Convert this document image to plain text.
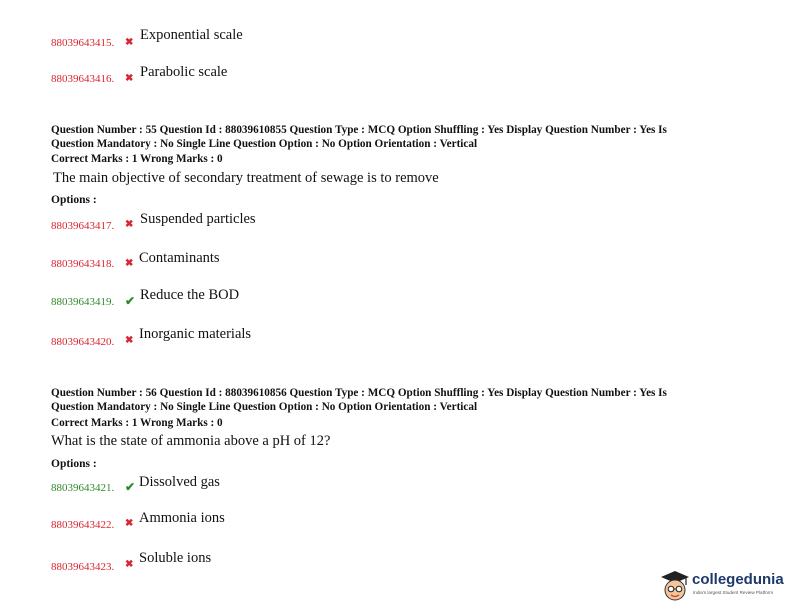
88039643415. ✖ Exponential scale
88039643416. ✖ Parabolic scale
Question Number : 55 Question Id : 88039610855 Question Type : MCQ Option Shuffling : Yes Display Question Number : Yes Is
Question Mandatory : No Single Line Question Option : No Option Orientation : Vertical
Correct Marks : 1 Wrong Marks : 0
The main objective of secondary treatment of sewage is to remove
Options :
88039643417. ✖ Suspended particles
88039643418. ✖ Contaminants
88039643419. ✔ Reduce the BOD
88039643420. ✖ Inorganic materials
Question Number : 56 Question Id : 88039610856 Question Type : MCQ Option Shuffling : Yes Display Question Number : Yes Is
Question Mandatory : No Single Line Question Option : No Option Orientation : Vertical
Correct Marks : 1 Wrong Marks : 0
What is the state of ammonia above a pH of 12?
Options :
88039643421. ✔ Dissolved gas
88039643422. ✖ Ammonia ions
88039643423. ✖ Soluble ions
collegedunia
India's largest Student Review Platform
